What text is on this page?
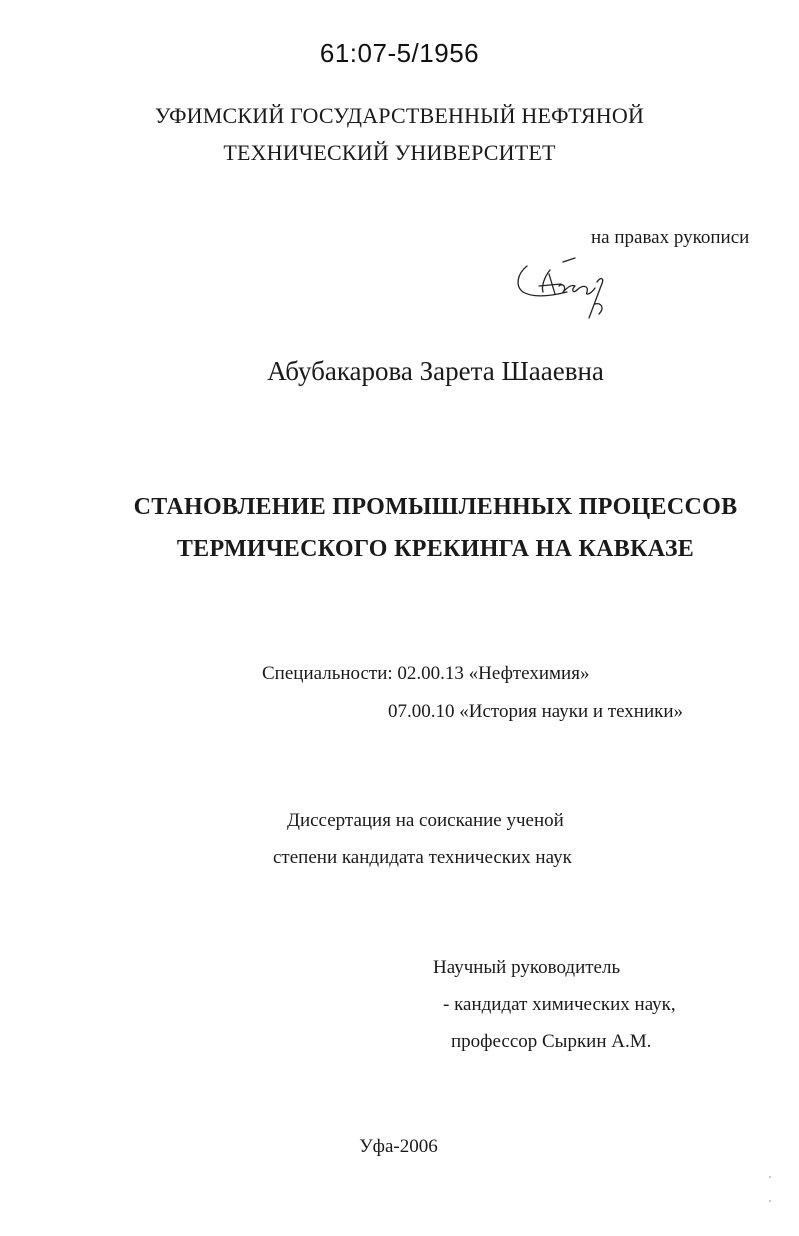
61:07-5/1956
УФИМСКИЙ ГОСУДАРСТВЕННЫЙ НЕФТЯНОЙ
ТЕХНИЧЕСКИЙ УНИВЕРСИТЕТ
на правах рукописи
Абубакарова Зарета Шааевна
СТАНОВЛЕНИЕ ПРОМЫШЛЕННЫХ ПРОЦЕССОВ
ТЕРМИЧЕСКОГО КРЕКИНГА НА КАВКАЗЕ
Специальности: 02.00.13 «Нефтехимия»
07.00.10 «История науки и техники»
Диссертация на соискание ученой
степени кандидата технических наук
Научный руководитель
- кандидат химических наук,
профессор Сыркин А.М.
Уфа-2006
